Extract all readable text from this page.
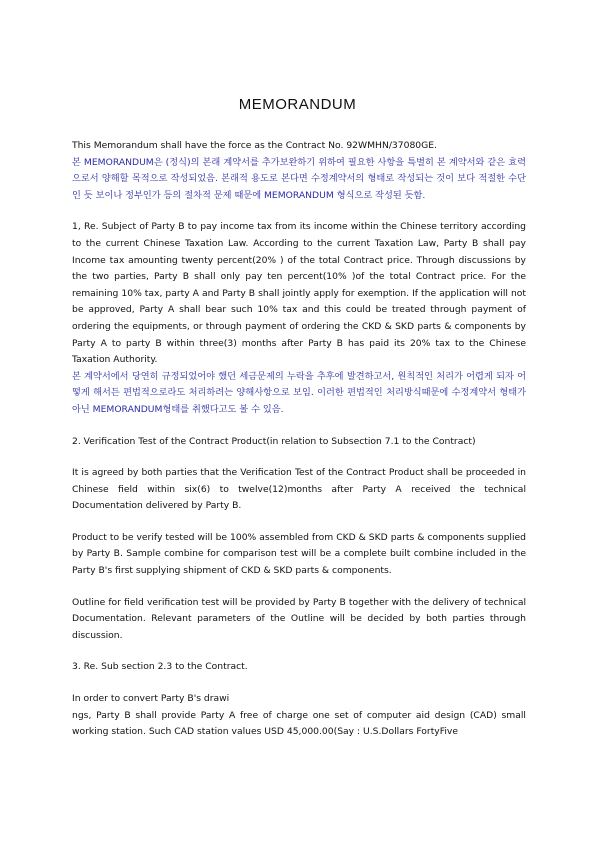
MEMORANDUM

This Memorandum shall have the force as the Contract No. 92WMHN/37080GE.

본 MEMORANDUM은 (정식)의 본래 계약서를 추가보완하기 위하여 필요한 사항을 특별히 본 계약서와 같은 효력으로서 양해할 목적으로 작성되었음. 본래적 용도로 본다면 수정계약서의 형태로 작성되는 것이 보다 적절한 수단인 듯 보이나 정부인가 등의 절차적 문제 때문에 MEMORANDUM 형식으로 작성된 듯함.

1, Re. Subject of Party B to pay income tax from its income within the Chinese territory according to the current Chinese Taxation Law. According to the current Taxation Law, Party B shall pay Income tax amounting twenty percent(20% ) of the total Contract price. Through discussions by the two parties, Party B shall only pay ten percent(10% )of the total Contract price. For the remaining 10% tax, party A and Party B shall jointly apply for exemption. If the application will not be approved, Party A shall bear such 10% tax and this could be treated through payment of ordering the equipments, or through payment of ordering the CKD & SKD parts & components by Party A to party B within three(3) months after Party B has paid its 20% tax to the Chinese Taxation Authority.

본 계약서에서 당연히 규정되었어야 했던 세금문제의 누락을 추후에 발견하고서, 원칙적인 처리가 어렵게 되자 어떻게 해서든 편법적으로라도 처리하려는 양해사항으로 보임. 이러한 편법적인 처리방식때문에 수정계약서 형태가 아닌 MEMORANDUM형태를 취했다고도 볼 수 있음.

2. Verification Test of the Contract Product(in relation to Subsection 7.1 to the Contract)

It is agreed by both parties that the Verification Test of the Contract Product shall be proceeded in Chinese field within six(6) to twelve(12)months after Party A received the technical Documentation delivered by Party B.

Product to be verify tested will be 100% assembled from CKD & SKD parts & components supplied by Party B. Sample combine for comparison test will be a complete built combine included in the Party B's first supplying shipment of CKD & SKD parts & components.

Outline for field verification test will be provided by Party B together with the delivery of technical Documentation. Relevant parameters of the Outline will be decided by both parties through discussion.

3. Re. Sub section 2.3 to the Contract.

In order to convert Party B's drawi

ngs, Party B shall provide Party A free of charge one set of computer aid design (CAD) small working station. Such CAD station values USD 45,000.00(Say : U.S.Dollars FortyFive
